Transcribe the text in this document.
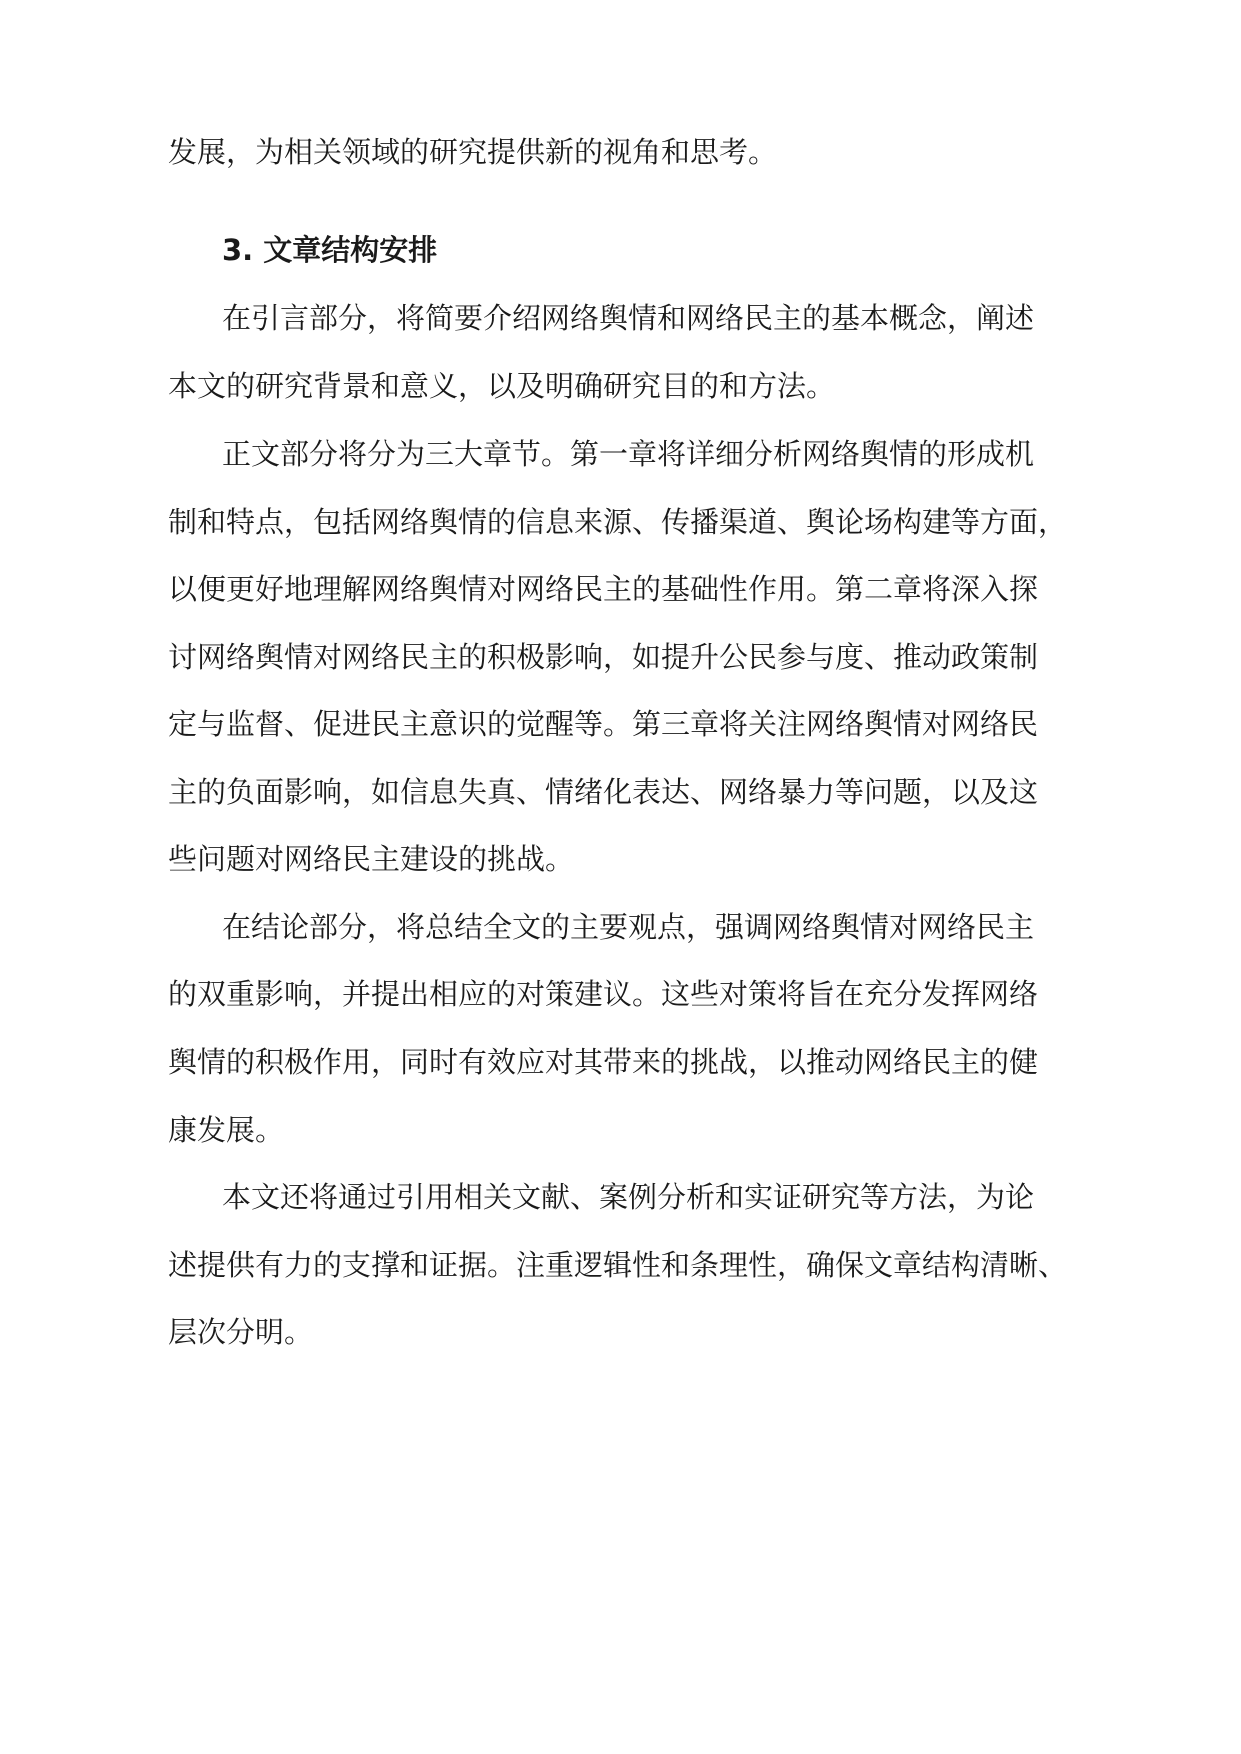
发展，为相关领域的研究提供新的视角和思考。
3. 文章结构安排
在引言部分，将简要介绍网络舆情和网络民主的基本概念，阐述
本文的研究背景和意义，以及明确研究目的和方法。
正文部分将分为三大章节。第一章将详细分析网络舆情的形成机
制和特点，包括网络舆情的信息来源、传播渠道、舆论场构建等方面，
以便更好地理解网络舆情对网络民主的基础性作用。第二章将深入探
讨网络舆情对网络民主的积极影响，如提升公民参与度、推动政策制
定与监督、促进民主意识的觉醒等。第三章将关注网络舆情对网络民
主的负面影响，如信息失真、情绪化表达、网络暴力等问题，以及这
些问题对网络民主建设的挑战。
在结论部分，将总结全文的主要观点，强调网络舆情对网络民主
的双重影响，并提出相应的对策建议。这些对策将旨在充分发挥网络
舆情的积极作用，同时有效应对其带来的挑战，以推动网络民主的健
康发展。
本文还将通过引用相关文献、案例分析和实证研究等方法，为论
述提供有力的支撑和证据。注重逻辑性和条理性，确保文章结构清晰、
层次分明。
